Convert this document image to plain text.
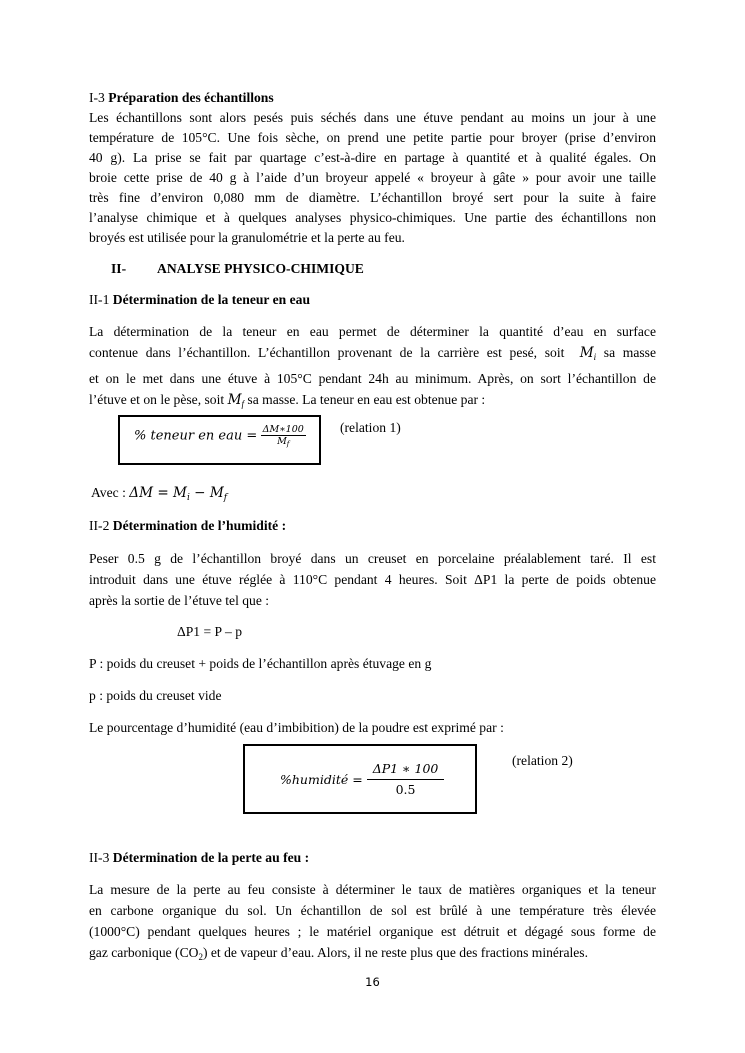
I-3 Préparation des échantillons
Les échantillons sont alors pesés puis séchés dans une étuve pendant au moins un jour à une
température de 105°C. Une fois sèche, on prend une petite partie pour broyer (prise d’environ
40 g). La prise se fait par quartage c’est-à-dire en partage à quantité et à qualité égales. On
broie cette prise de 40 g à l’aide d’un broyeur appelé « broyeur à gâte » pour avoir une taille
très fine d’environ 0,080 mm de diamètre. L’échantillon broyé sert pour la suite à faire
l’analyse chimique et à quelques analyses physico-chimiques. Une partie des échantillons non
broyés est utilisée pour la granulométrie et la perte au feu.
II- ANALYSE PHYSICO-CHIMIQUE
II-1 Détermination de la teneur en eau
La détermination de la teneur en eau permet de déterminer la quantité d’eau en surface
contenue dans l’échantillon. L’échantillon provenant de la carrière est pesé, soit $M_i$ sa masse
et on le met dans une étuve à 105°C pendant 24h au minimum. Après, on sort l’échantillon de
l’étuve et on le pèse, soit $M_f$ sa masse. La teneur en eau est obtenue par :
% teneur en eau = $\frac{\Delta M∗100}{M_f}$	(relation 1)
Avec : $\Delta M = M_i - M_f$
II-2 Détermination de l’humidité :
Peser 0.5 g de l’échantillon broyé dans un creuset en porcelaine préalablement taré. Il est
introduit dans une étuve réglée à 110°C pendant 4 heures. Soit ΔP1 la perte de poids obtenue
après la sortie de l’étuve tel que :
ΔP1 = P – p
P : poids du creuset + poids de l’échantillon après étuvage en g
p : poids du creuset vide
Le pourcentage d’humidité (eau d’imbibition) de la poudre est exprimé par :
%humidité = $\frac{\Delta P1 ∗ 100}{0.5}$	(relation 2)
II-3 Détermination de la perte au feu :
La mesure de la perte au feu consiste à déterminer le taux de matières organiques et la teneur
en carbone organique du sol. Un échantillon de sol est brûlé à une température très élevée
(1000°C) pendant quelques heures ; le matériel organique est détruit et dégagé sous forme de
gaz carbonique $(CO_2)$ et de vapeur d’eau. Alors, il ne reste plus que des fractions minérales.
16
